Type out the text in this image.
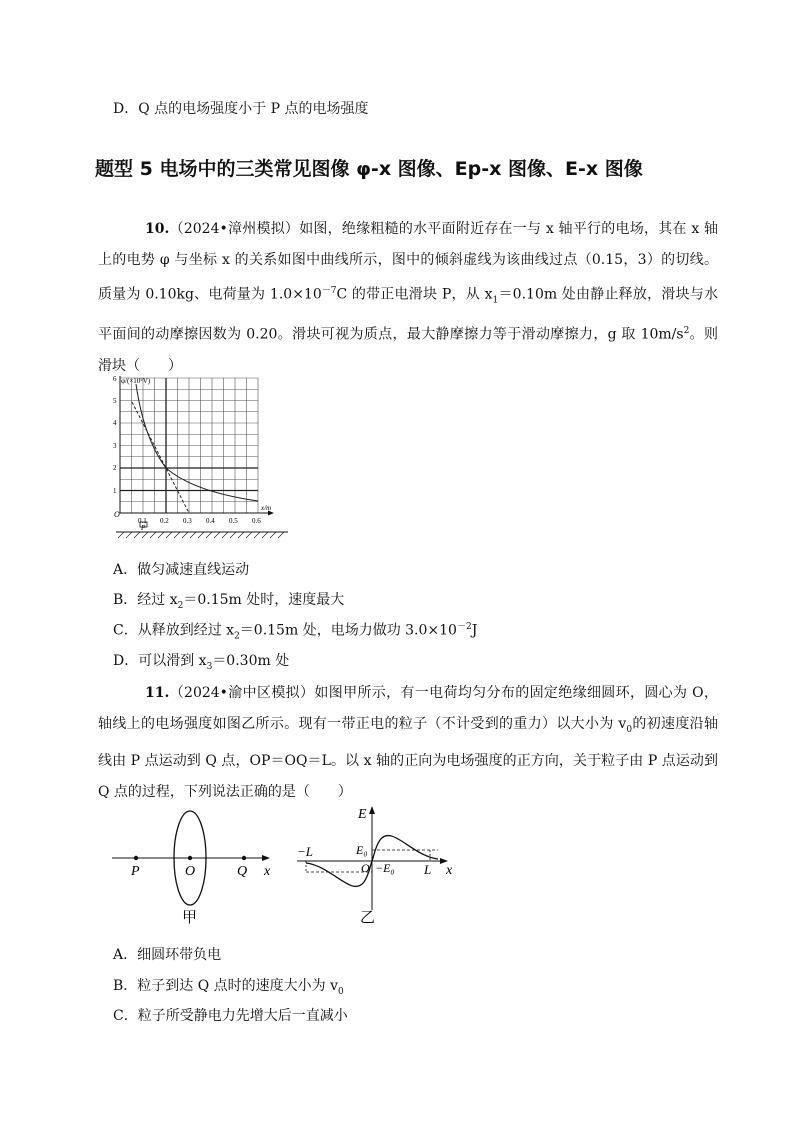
D．Q 点的电场强度小于 P 点的电场强度
题型 5 电场中的三类常见图像 φ-x 图像、Ep-x 图像、E-x 图像
10.（2024•漳州模拟）如图，绝缘粗糙的水平面附近存在一与 x 轴平行的电场，其在 x 轴上的电势 φ 与坐标 x 的关系如图中曲线所示，图中的倾斜虚线为该曲线过点（0.15，3）的切线。质量为 0.10kg、电荷量为 $1.0\times 10^{-7}C$ 的带正电滑块 P，从 $x_1=0.10m$ 处由静止释放，滑块与水平面间的动摩擦因数为 0.20。滑块可视为质点，最大静摩擦力等于滑动摩擦力，g 取 $10m/s^2$。则滑块（　　）
φ/(×10⁵V)
x/m
O
1
2
3
4
5
6
0.1 0.2 0.3 0.4 0.5 0.6
P
A．做匀减速直线运动
B．经过 $x_2=0.15m$ 处时，速度最大
C．从释放到经过 $x_2=0.15m$ 处，电场力做功 $3.0\times 10^{-2}J$
D．可以滑到 $x_3=0.30m$ 处
11.（2024•渝中区模拟）如图甲所示，有一电荷均匀分布的固定绝缘细圆环，圆心为 O，轴线上的电场强度如图乙所示。现有一带正电的粒子（不计受到的重力）以大小为 $v_0$的初速度沿轴线由 P 点运动到 Q 点，OP＝OQ＝L。以 x 轴的正向为电场强度的正方向，关于粒子由 P 点运动到 Q 点的过程，下列说法正确的是（　　）
P	O	Q x
甲
E
E₀
−E₀
−L
O	L x
乙
A．细圆环带负电
B．粒子到达 Q 点时的速度大小为 $v_0$
C．粒子所受静电力先增大后一直减小
